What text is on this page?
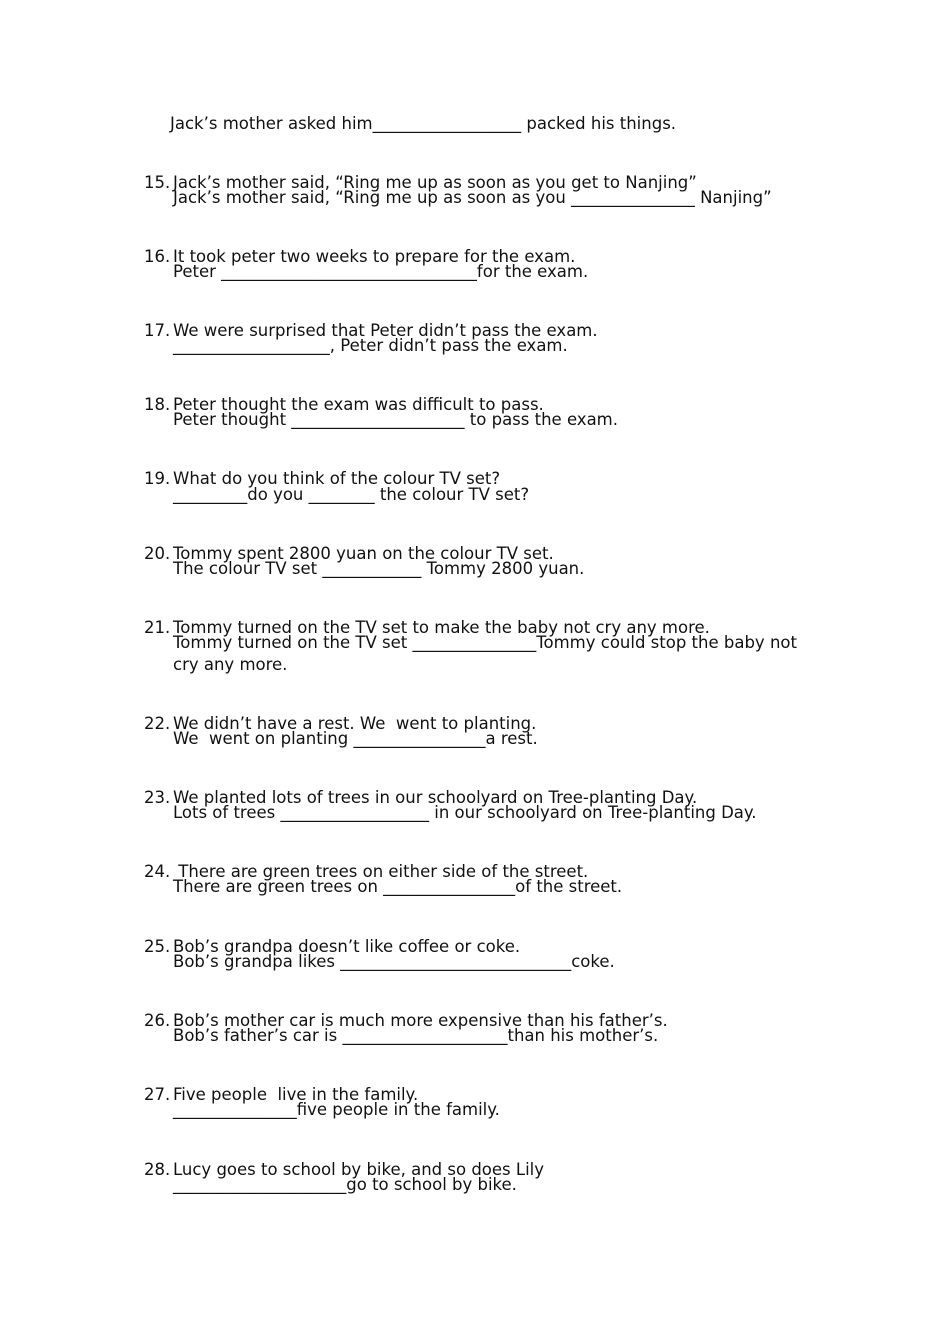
Jack’s mother asked him__________________ packed his things.

15. Jack’s mother said, “Ring me up as soon as you get to Nanjing”

Jack’s mother said, “Ring me up as soon as you _______________ Nanjing”

16. It took peter two weeks to prepare for the exam.

Peter _______________________________for the exam.

17. We were surprised that Peter didn’t pass the exam.

___________________, Peter didn’t pass the exam.

18. Peter thought the exam was difficult to pass.

Peter thought _____________________ to pass the exam.

19. What do you think of the colour TV set?

_________do you ________ the colour TV set?

20. Tommy spent 2800 yuan on the colour TV set.

The colour TV set ____________ Tommy 2800 yuan.

21. Tommy turned on the TV set to make the baby not cry any more.

Tommy turned on the TV set _______________Tommy could stop the baby not cry any more.

22. We didn’t have a rest. We  went to planting.

We  went on planting ________________a rest.

23. We planted lots of trees in our schoolyard on Tree-planting Day.

Lots of trees __________________ in our schoolyard on Tree-planting Day.

24. There are green trees on either side of the street.

There are green trees on ________________of the street.

25. Bob’s grandpa doesn’t like coffee or coke.

Bob’s grandpa likes ____________________________coke.

26. Bob’s mother car is much more expensive than his father’s.

Bob’s father’s car is ____________________than his mother’s.

27. Five people  live in the family.

_______________five people in the family.

28. Lucy goes to school by bike, and so does Lily

_____________________go to school by bike.
